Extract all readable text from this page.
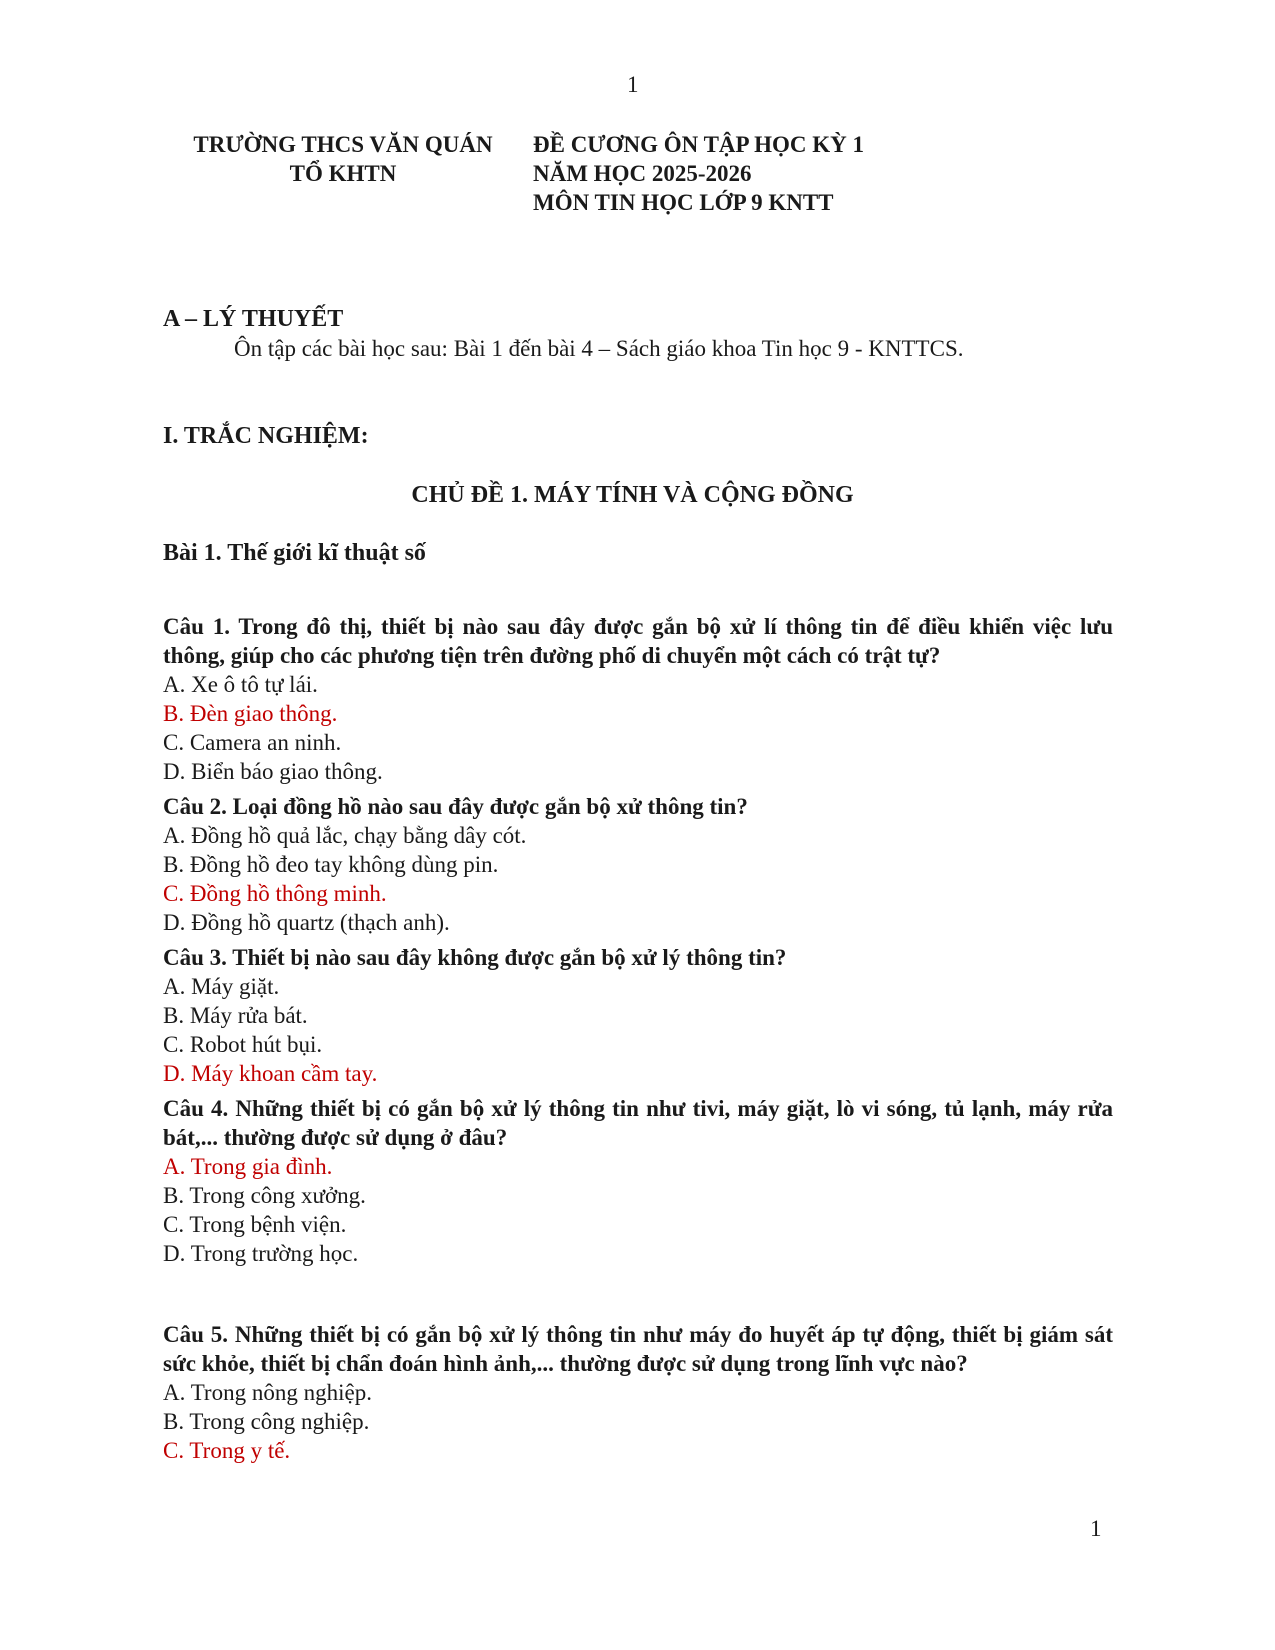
1
TRƯỜNG THCS VĂN QUÁN
TỔ KHTN
ĐỀ CƯƠNG ÔN TẬP HỌC KỲ 1
NĂM HỌC 2025-2026
MÔN TIN HỌC LỚP 9 KNTT
A – LÝ THUYẾT
Ôn tập các bài học sau: Bài 1 đến bài 4 – Sách giáo khoa Tin học 9 - KNTTCS.
I. TRẮC NGHIỆM:
CHỦ ĐỀ 1. MÁY TÍNH VÀ CỘNG ĐỒNG
Bài 1. Thế giới kĩ thuật số
Câu 1. Trong đô thị, thiết bị nào sau đây được gắn bộ xử lí thông tin để điều khiển việc lưu thông, giúp cho các phương tiện trên đường phố di chuyển một cách có trật tự?
A. Xe ô tô tự lái.
B. Đèn giao thông.
C. Camera an ninh.
D. Biển báo giao thông.
Câu 2. Loại đồng hồ nào sau đây được gắn bộ xử thông tin?
A. Đồng hồ quả lắc, chạy bằng dây cót.
B. Đồng hồ đeo tay không dùng pin.
C. Đồng hồ thông minh.
D. Đồng hồ quartz (thạch anh).
Câu 3. Thiết bị nào sau đây không được gắn bộ xử lý thông tin?
A. Máy giặt.
B. Máy rửa bát.
C. Robot hút bụi.
D. Máy khoan cầm tay.
Câu 4. Những thiết bị có gắn bộ xử lý thông tin như tivi, máy giặt, lò vi sóng, tủ lạnh, máy rửa bát,... thường được sử dụng ở đâu?
A. Trong gia đình.
B. Trong công xưởng.
C. Trong bệnh viện.
D. Trong trường học.
Câu 5. Những thiết bị có gắn bộ xử lý thông tin như máy đo huyết áp tự động, thiết bị giám sát sức khỏe, thiết bị chẩn đoán hình ảnh,... thường được sử dụng trong lĩnh vực nào?
A. Trong nông nghiệp.
B. Trong công nghiệp.
C. Trong y tế.
1
